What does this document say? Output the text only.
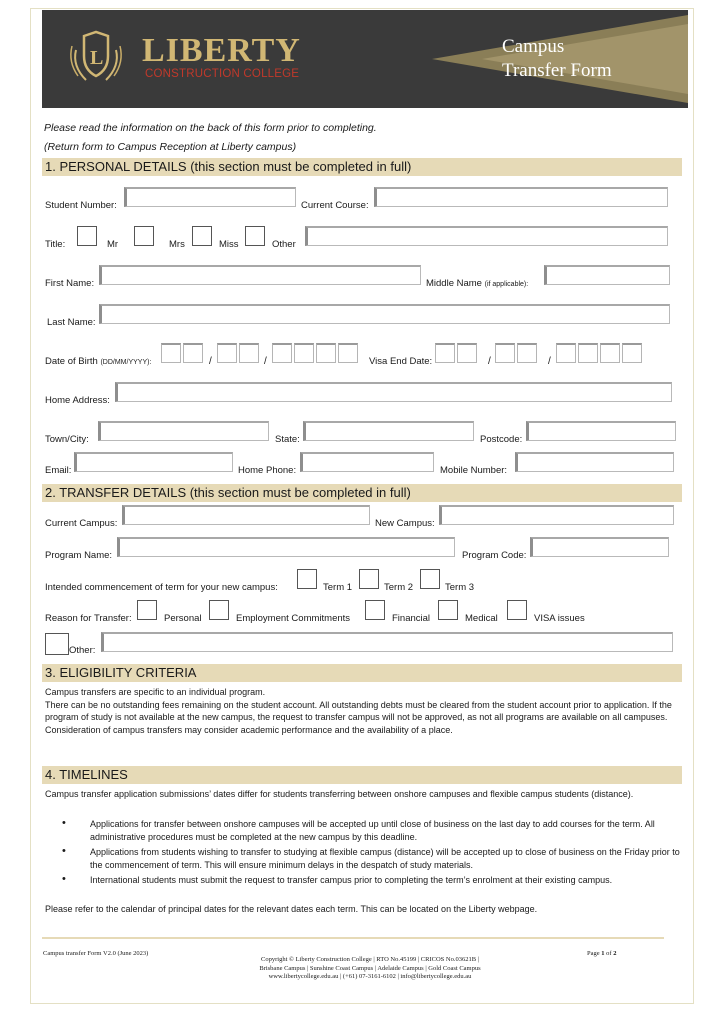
L LIBERTY
CONSTRUCTION COLLEGE
Campus
Transfer Form
Please read the information on the back of this form prior to completing.
(Return form to Campus Reception at Liberty campus)
1. PERSONAL DETAILS (this section must be completed in full)
Student Number:	Current Course:
Title:	Mr	Mrs	Miss	Other
First Name:	Middle Name (if applicable):
Last Name:
Date of Birth (DD/MM/YYYY):	/	/	Visa End Date:	/	/
Home Address:
Town/City:	State:	Postcode:
Email:	Home Phone:	Mobile Number:
2. TRANSFER DETAILS (this section must be completed in full)
Current Campus:	New Campus:
Program Name:	Program Code:
Intended commencement of term for your new campus:	Term 1	Term 2	Term 3
Reason for Transfer:	Personal	Employment Commitments	Financial	Medical	VISA issues
Other:
3. ELIGIBILITY CRITERIA
Campus transfers are specific to an individual program.
There can be no outstanding fees remaining on the student account. All outstanding debts must be cleared from the student account prior to application. If the program of study is not available at the new campus, the request to transfer campus will not be approved, as not all programs are available on all campuses.
Consideration of campus transfers may consider academic performance and the availability of a place.
4. TIMELINES
Campus transfer application submissions’ dates differ for students transferring between onshore campuses and flexible campus students (distance).
•	Applications for transfer between onshore campuses will be accepted up until close of business on the last day to add courses for the term. All administrative procedures must be completed at the new campus by this deadline.
•	Applications from students wishing to transfer to studying at flexible campus (distance) will be accepted up to close of business on the Friday prior to the commencement of term. This will ensure minimum delays in the despatch of study materials.
•	International students must submit the request to transfer campus prior to completing the term’s enrolment at their existing campus.
Please refer to the calendar of principal dates for the relevant dates each term. This can be located on the Liberty webpage.
Campus transfer Form V2.0 (June 2023)	Page 1 of 2
Copyright © Liberty Construction College | RTO No.45199 | CRICOS No.03621B |
Brisbane Campus | Sunshine Coast Campus | Adelaide Campus | Gold Coast Campus
www.libertycollege.edu.au | (+61) 07-3161-6102 | info@libertycollege.edu.au
